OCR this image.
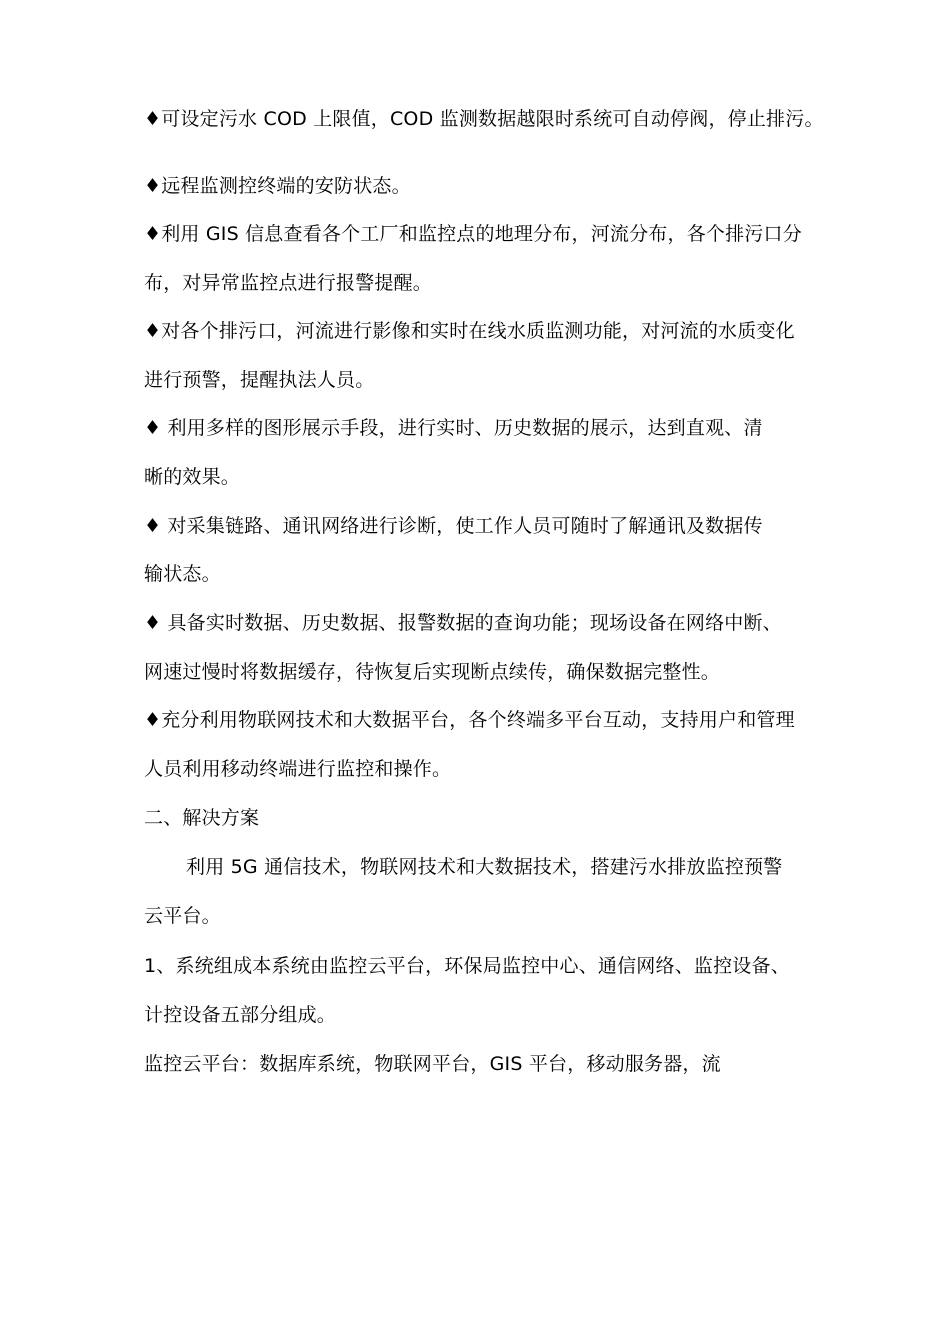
♦可设定污水 COD 上限值，COD 监测数据越限时系统可自动停阀，停止排污。
♦远程监测控终端的安防状态。
♦利用 GIS 信息查看各个工厂和监控点的地理分布，河流分布，各个排污口分
布，对异常监控点进行报警提醒。
♦对各个排污口，河流进行影像和实时在线水质监测功能，对河流的水质变化
进行预警，提醒执法人员。
♦ 利用多样的图形展示手段，进行实时、历史数据的展示，达到直观、清
晰的效果。
♦ 对采集链路、通讯网络进行诊断，使工作人员可随时了解通讯及数据传
输状态。
♦ 具备实时数据、历史数据、报警数据的查询功能；现场设备在网络中断、
网速过慢时将数据缓存，待恢复后实现断点续传，确保数据完整性。
♦充分利用物联网技术和大数据平台，各个终端多平台互动，支持用户和管理
人员利用移动终端进行监控和操作。
二、解决方案
利用 5G 通信技术，物联网技术和大数据技术，搭建污水排放监控预警
云平台。
1、系统组成本系统由监控云平台，环保局监控中心、通信网络、监控设备、
计控设备五部分组成。
监控云平台：数据库系统，物联网平台，GIS 平台，移动服务器，流
